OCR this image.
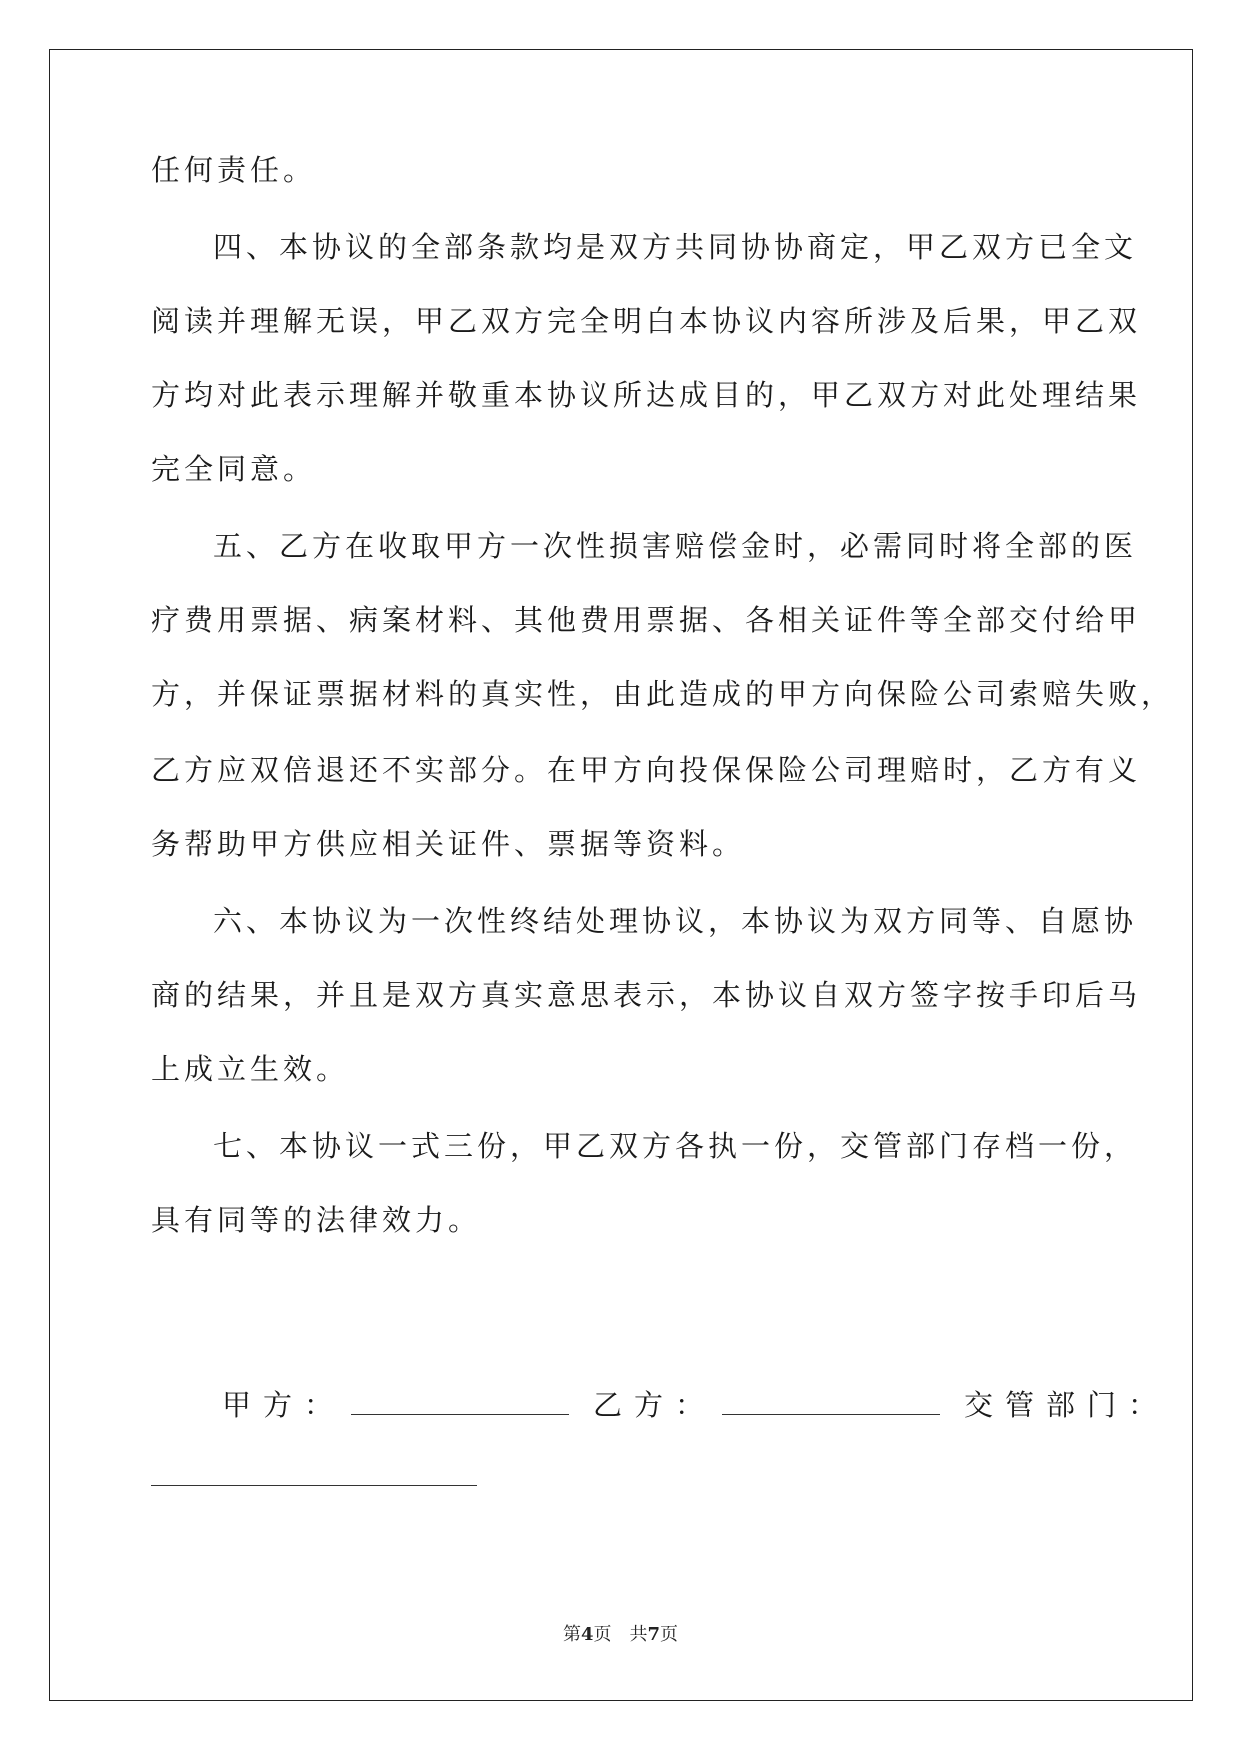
任何责任。
四、本协议的全部条款均是双方共同协协商定，甲乙双方已全文
阅读并理解无误，甲乙双方完全明白本协议内容所涉及后果，甲乙双
方均对此表示理解并敬重本协议所达成目的，甲乙双方对此处理结果
完全同意。
五、乙方在收取甲方一次性损害赔偿金时，必需同时将全部的医
疗费用票据、病案材料、其他费用票据、各相关证件等全部交付给甲
方，并保证票据材料的真实性，由此造成的甲方向保险公司索赔失败，
乙方应双倍退还不实部分。在甲方向投保保险公司理赔时，乙方有义
务帮助甲方供应相关证件、票据等资料。
六、本协议为一次性终结处理协议，本协议为双方同等、自愿协
商的结果，并且是双方真实意思表示，本协议自双方签字按手印后马
上成立生效。
七、本协议一式三份，甲乙双方各执一份，交管部门存档一份，
具有同等的法律效力。
甲方：	乙方：	交管部门：
第4页　共7页
